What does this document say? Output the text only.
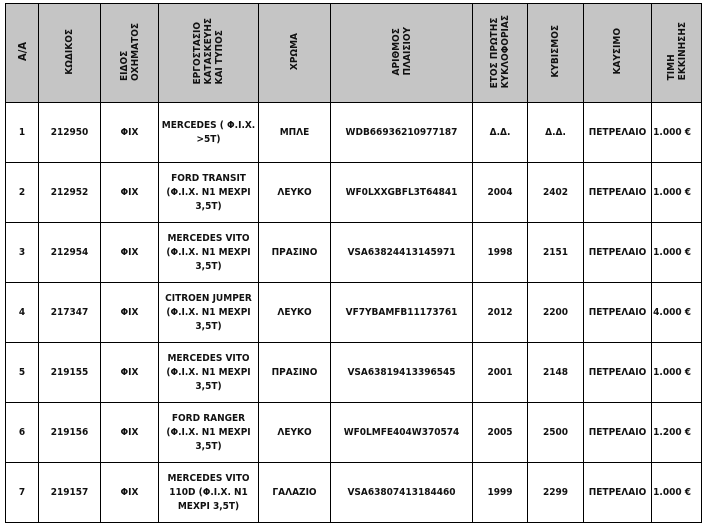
Α/Α	ΚΩΔΙΚΟΣ	ΕΙΔΟΣ
ΟΧΗΜΑΤΟΣ	ΕΡΓΟΣΤΑΣΙΟ
ΚΑΤΑΣΚΕΥΗΣ
ΚΑΙ ΤΥΠΟΣ	ΧΡΩΜΑ	ΑΡΙΘΜΟΣ
ΠΛΑΙΣΙΟΥ	ΕΤΟΣ ΠΡΩΤΗΣ
ΚΥΚΛΟΦΟΡΙΑΣ	ΚΥΒΙΣΜΟΣ	ΚΑΥΣΙΜΟ	ΤΙΜΗ
ΕΚΚΙΝΗΣΗΣ
1	212950	ΦΙΧ	MERCEDES ( Φ.Ι.Χ.
>5Τ)	ΜΠΛΕ	WDB66936210977187	Δ.Δ.	Δ.Δ.	ΠΕΤΡΕΛΑΙΟ	1.000 €
2	212952	ΦΙΧ	FORD TRANSIT
(Φ.Ι.Χ. Ν1 ΜΕΧΡΙ
3,5Τ)	ΛΕΥΚΟ	WF0LXXGBFL3T64841	2004	2402	ΠΕΤΡΕΛΑΙΟ	1.000 €
3	212954	ΦΙΧ	MERCEDES VITO
(Φ.Ι.Χ. Ν1 ΜΕΧΡΙ
3,5Τ)	ΠΡΑΣΙΝΟ	VSA63824413145971	1998	2151	ΠΕΤΡΕΛΑΙΟ	1.000 €
4	217347	ΦΙΧ	CITROEN JUMPER
(Φ.Ι.Χ. Ν1 ΜΕΧΡΙ
3,5Τ)	ΛΕΥΚΟ	VF7YBAMFB11173761	2012	2200	ΠΕΤΡΕΛΑΙΟ	4.000 €
5	219155	ΦΙΧ	MERCEDES VITO
(Φ.Ι.Χ. Ν1 ΜΕΧΡΙ
3,5Τ)	ΠΡΑΣΙΝΟ	VSA63819413396545	2001	2148	ΠΕΤΡΕΛΑΙΟ	1.000 €
6	219156	ΦΙΧ	FORD RANGER
(Φ.Ι.Χ. Ν1 ΜΕΧΡΙ
3,5Τ)	ΛΕΥΚΟ	WF0LMFE404W370574	2005	2500	ΠΕΤΡΕΛΑΙΟ	1.200 €
7	219157	ΦΙΧ	MERCEDES VITO
110D (Φ.Ι.Χ. Ν1
ΜΕΧΡΙ 3,5Τ)	ΓΑΛΑΖΙΟ	VSA63807413184460	1999	2299	ΠΕΤΡΕΛΑΙΟ	1.000 €
